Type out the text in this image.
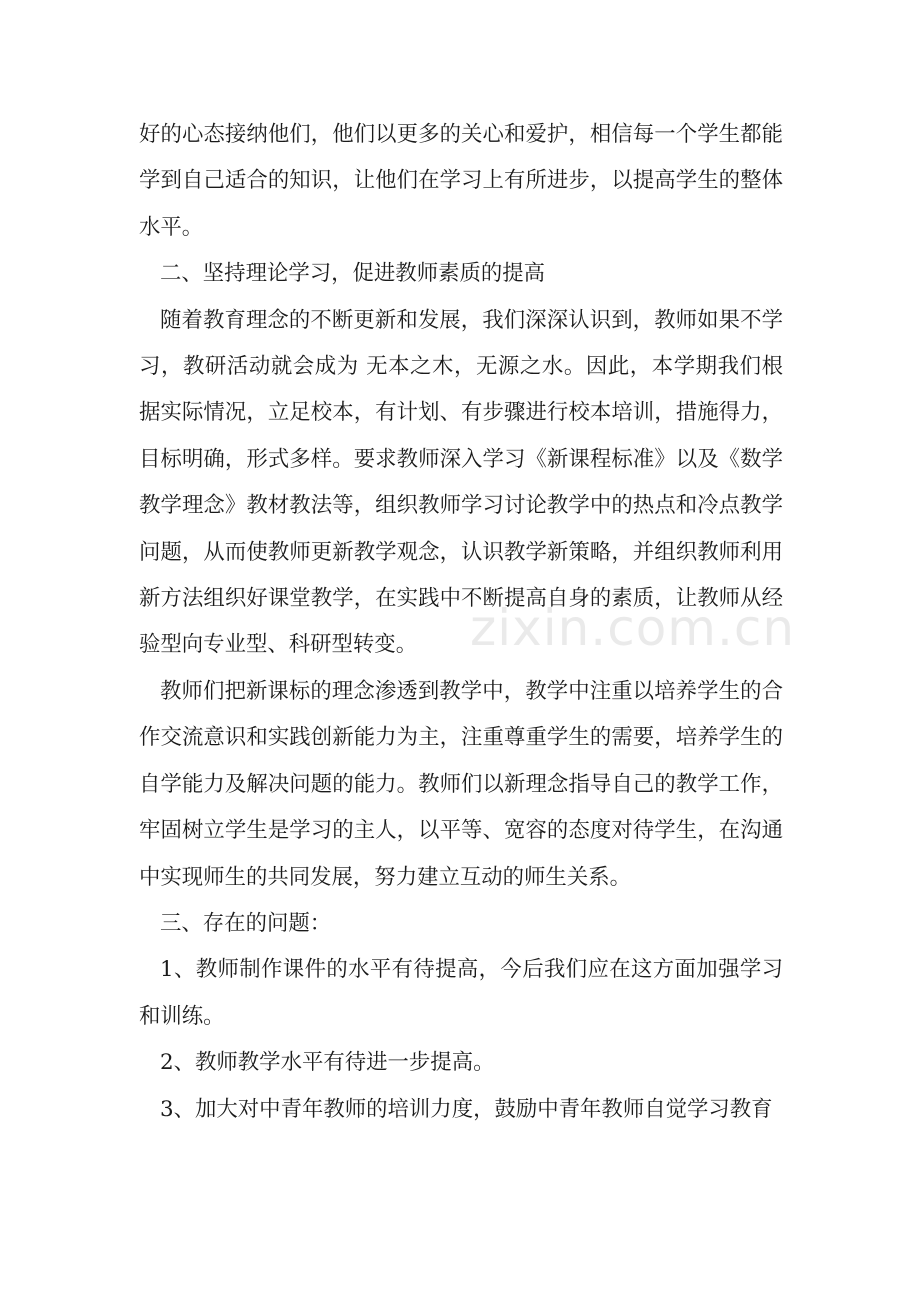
好的心态接纳他们，他们以更多的关心和爱护，相信每一个学生都能学到自己适合的知识，让他们在学习上有所进步，以提高学生的整体水平。

二、坚持理论学习，促进教师素质的提高

随着教育理念的不断更新和发展，我们深深认识到，教师如果不学习，教研活动就会成为 无本之木，无源之水。因此，本学期我们根据实际情况，立足校本，有计划、有步骤进行校本培训，措施得力，目标明确，形式多样。要求教师深入学习《新课程标准》以及《数学教学理念》教材教法等，组织教师学习讨论教学中的热点和冷点教学问题，从而使教师更新教学观念，认识教学新策略，并组织教师利用新方法组织好课堂教学，在实践中不断提高自身的素质，让教师从经验型向专业型、科研型转变。

教师们把新课标的理念渗透到教学中，教学中注重以培养学生的合作交流意识和实践创新能力为主，注重尊重学生的需要，培养学生的自学能力及解决问题的能力。教师们以新理念指导自己的教学工作，牢固树立学生是学习的主人，以平等、宽容的态度对待学生，在沟通中实现师生的共同发展，努力建立互动的师生关系。

三、存在的问题：

1、教师制作课件的水平有待提高，今后我们应在这方面加强学习和训练。

2、教师教学水平有待进一步提高。

3、加大对中青年教师的培训力度，鼓励中青年教师自觉学习教育

zixin.com.cn
